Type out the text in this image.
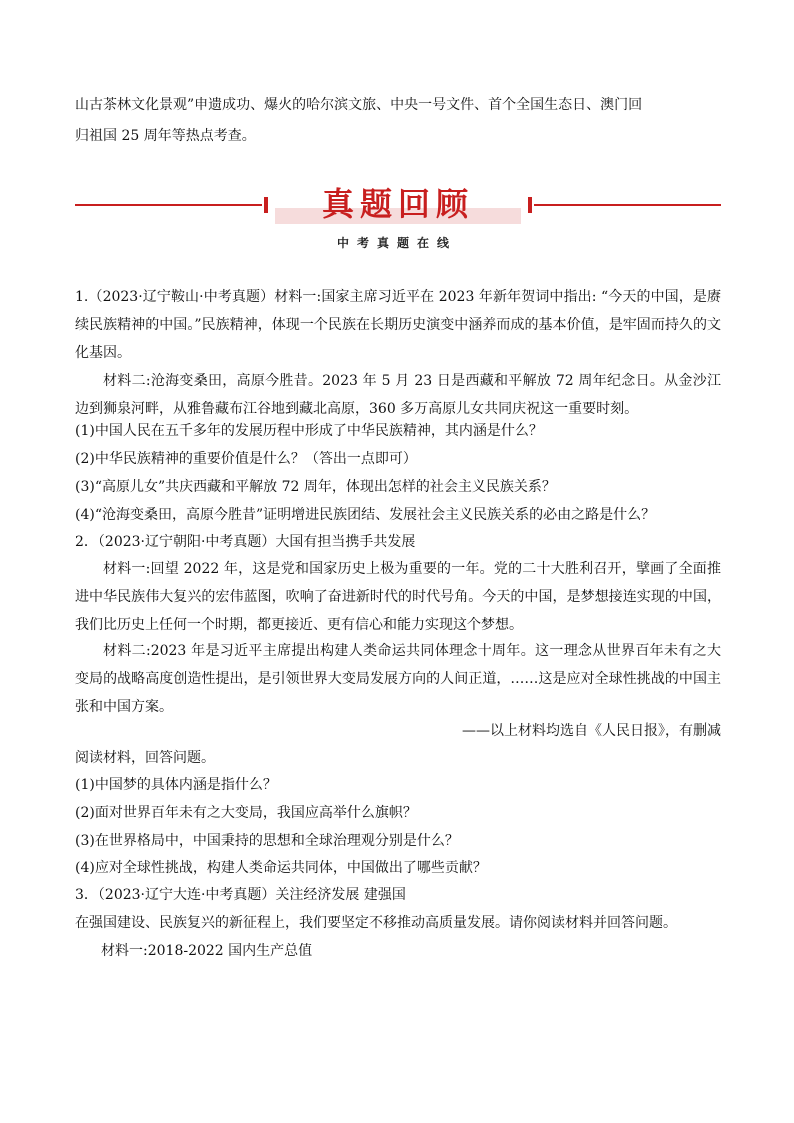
山古茶林文化景观”申遗成功、爆火的哈尔滨文旅、中央一号文件、首个全国生态日、澳门回

归祖国 25 周年等热点考查。

真题回顾
中考真题在线

1.（2023·辽宁鞍山·中考真题）材料一:国家主席习近平在 2023 年新年贺词中指出: “今天的中国，是赓续民族精神的中国。”民族精神，体现一个民族在长期历史演变中涵养而成的基本价值，是牢固而持久的文化基因。

材料二:沧海变桑田，高原今胜昔。2023 年 5 月 23 日是西藏和平解放 72 周年纪念日。从金沙江边到狮泉河畔，从雅鲁藏布江谷地到藏北高原，360 多万高原儿女共同庆祝这一重要时刻。

(1)中国人民在五千多年的发展历程中形成了中华民族精神，其内涵是什么？

(2)中华民族精神的重要价值是什么？（答出一点即可）

(3)“高原儿女”共庆西藏和平解放 72 周年，体现出怎样的社会主义民族关系？

(4)“沧海变桑田，高原今胜昔”证明增进民族团结、发展社会主义民族关系的必由之路是什么？

2．（2023·辽宁朝阳·中考真题）大国有担当携手共发展

材料一:回望 2022 年，这是党和国家历史上极为重要的一年。党的二十大胜利召开，擘画了全面推进中华民族伟大复兴的宏伟蓝图，吹响了奋进新时代的时代号角。今天的中国，是梦想接连实现的中国，我们比历史上任何一个时期，都更接近、更有信心和能力实现这个梦想。

材料二:2023 年是习近平主席提出构建人类命运共同体理念十周年。这一理念从世界百年未有之大变局的战略高度创造性提出，是引领世界大变局发展方向的人间正道，……这是应对全球性挑战的中国主张和中国方案。

——以上材料均选自《人民日报》，有删减

阅读材料，回答问题。

(1)中国梦的具体内涵是指什么？

(2)面对世界百年未有之大变局，我国应高举什么旗帜？

(3)在世界格局中，中国秉持的思想和全球治理观分别是什么？

(4)应对全球性挑战，构建人类命运共同体，中国做出了哪些贡献？

3．（2023·辽宁大连·中考真题）关注经济发展 建强国

在强国建设、民族复兴的新征程上，我们要坚定不移推动高质量发展。请你阅读材料并回答问题。

材料一:2018-2022 国内生产总值
